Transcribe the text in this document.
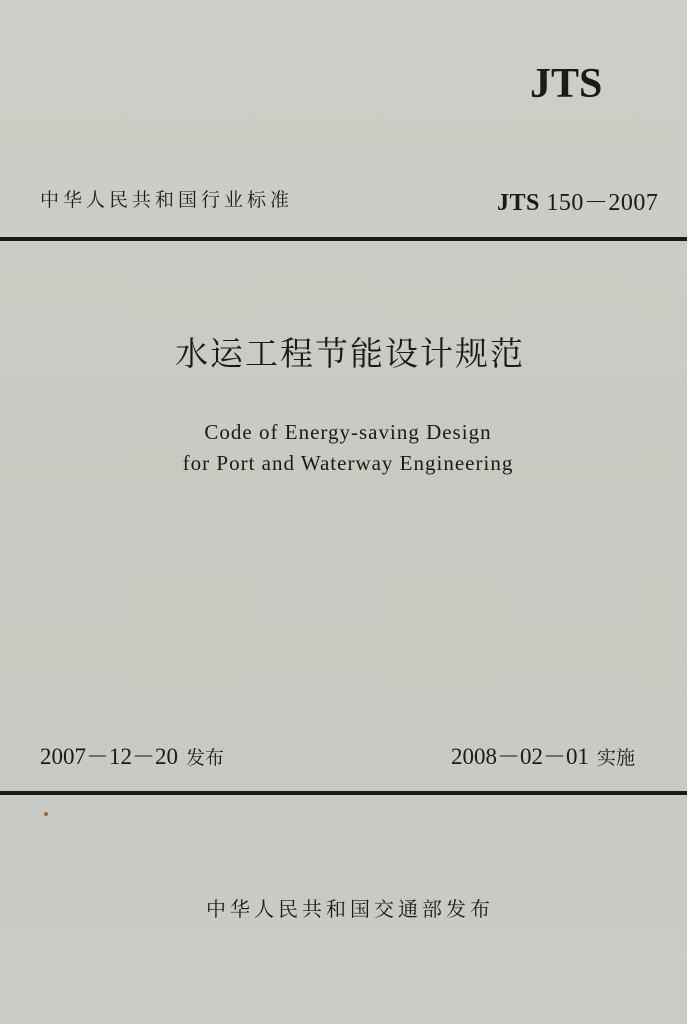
JTS
中华人民共和国行业标准	JTS 150－2007
水运工程节能设计规范
Code of Energy-saving Design
for Port and Waterway Engineering
2007－12－20 发布	2008－02－01 实施
中华人民共和国交通部发布
